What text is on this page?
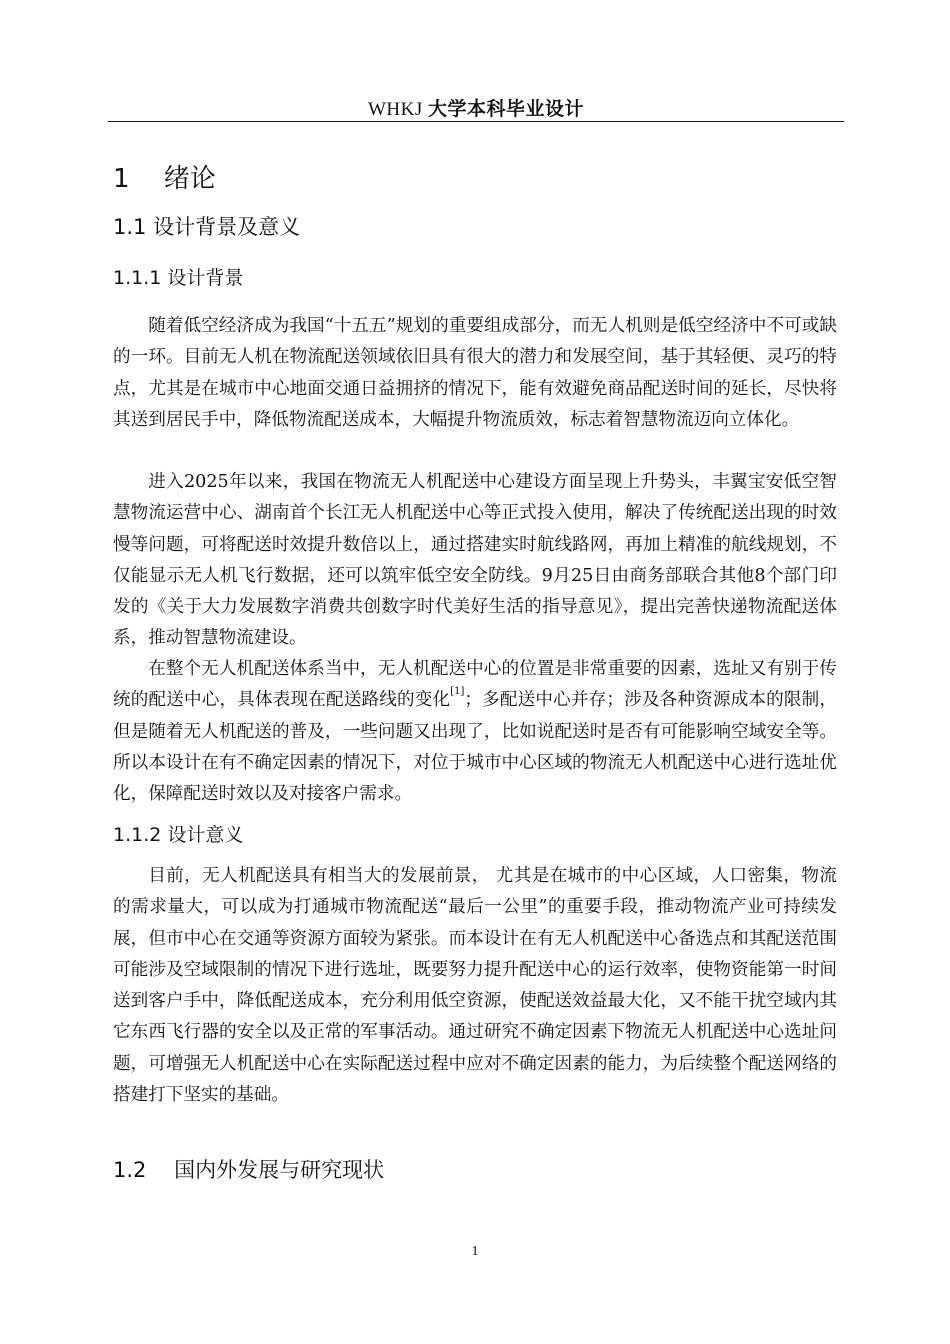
WHKJ 大学本科毕业设计
1　 绪论
1.1 设计背景及意义
1.1.1 设计背景

随着低空经济成为我国“十五五”规划的重要组成部分，而无人机则是低空经济中不可或缺的一环。目前无人机在物流配送领域依旧具有很大的潜力和发展空间，基于其轻便、灵巧的特点，尤其是在城市中心地面交通日益拥挤的情况下，能有效避免商品配送时间的延长，尽快将其送到居民手中，降低物流配送成本，大幅提升物流质效，标志着智慧物流迈向立体化。

进入2025年以来，我国在物流无人机配送中心建设方面呈现上升势头，丰翼宝安低空智慧物流运营中心、湖南首个长江无人机配送中心等正式投入使用，解决了传统配送出现的时效慢等问题，可将配送时效提升数倍以上，通过搭建实时航线路网，再加上精准的航线规划，不仅能显示无人机飞行数据，还可以筑牢低空安全防线。9月25日由商务部联合其他8个部门印发的《关于大力发展数字消费共创数字时代美好生活的指导意见》，提出完善快递物流配送体系，推动智慧物流建设。

在整个无人机配送体系当中，无人机配送中心的位置是非常重要的因素，选址又有别于传统的配送中心，具体表现在配送路线的变化[1]；多配送中心并存；涉及各种资源成本的限制，但是随着无人机配送的普及，一些问题又出现了，比如说配送时是否有可能影响空域安全等。所以本设计在有不确定因素的情况下，对位于城市中心区域的物流无人机配送中心进行选址优化，保障配送时效以及对接客户需求。

1.1.2 设计意义

目前，无人机配送具有相当大的发展前景， 尤其是在城市的中心区域，人口密集，物流的需求量大，可以成为打通城市物流配送“最后一公里”的重要手段，推动物流产业可持续发展，但市中心在交通等资源方面较为紧张。而本设计在有无人机配送中心备选点和其配送范围可能涉及空域限制的情况下进行选址，既要努力提升配送中心的运行效率，使物资能第一时间送到客户手中，降低配送成本，充分利用低空资源，使配送效益最大化，又不能干扰空域内其它东西飞行器的安全以及正常的军事活动。通过研究不确定因素下物流无人机配送中心选址问题，可增强无人机配送中心在实际配送过程中应对不确定因素的能力，为后续整个配送网络的搭建打下坚实的基础。

1.2　 国内外发展与研究现状
1
